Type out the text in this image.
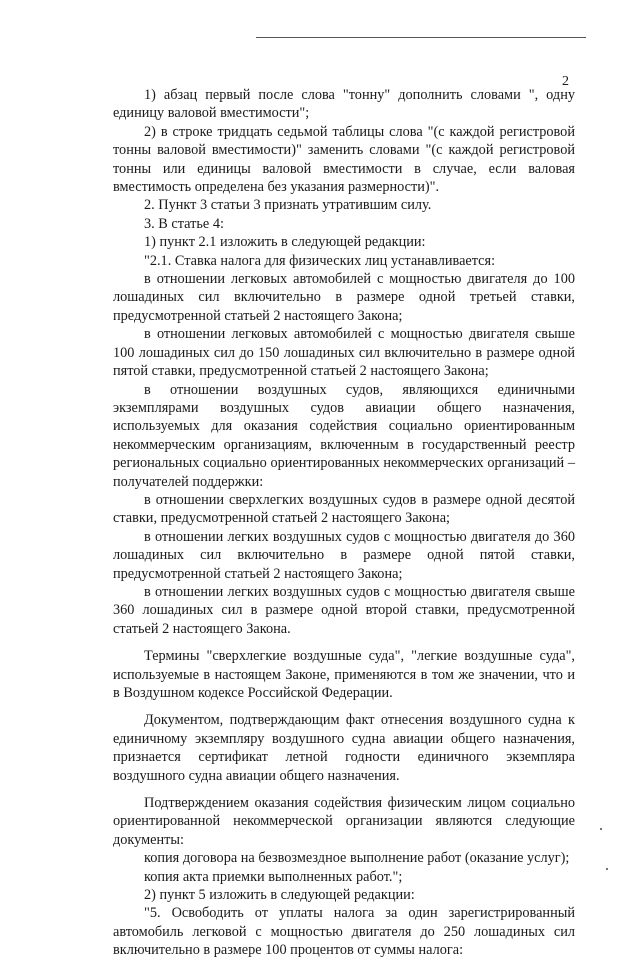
2

1) абзац первый после слова "тонну" дополнить словами ", одну единицу валовой вместимости";

2) в строке тридцать седьмой таблицы слова "(с каждой регистровой тонны валовой вместимости)" заменить словами "(с каждой регистровой тонны или единицы валовой вместимости в случае, если валовая вместимость определена без указания размерности)".

2. Пункт 3 статьи 3 признать утратившим силу.

3. В статье 4:

1) пункт 2.1 изложить в следующей редакции:

"2.1. Ставка налога для физических лиц устанавливается:

в отношении легковых автомобилей с мощностью двигателя до 100 лошадиных сил включительно в размере одной третьей ставки, предусмотренной статьей 2 настоящего Закона;

в отношении легковых автомобилей с мощностью двигателя свыше 100 лошадиных сил до 150 лошадиных сил включительно в размере одной пятой ставки, предусмотренной статьей 2 настоящего Закона;

в отношении воздушных судов, являющихся единичными экземплярами воздушных судов авиации общего назначения, используемых для оказания содействия социально ориентированным некоммерческим организациям, включенным в государственный реестр региональных социально ориентированных некоммерческих организаций – получателей поддержки:

в отношении сверхлегких воздушных судов в размере одной десятой ставки, предусмотренной статьей 2 настоящего Закона;

в отношении легких воздушных судов с мощностью двигателя до 360 лошадиных сил включительно в размере одной пятой ставки, предусмотренной статьей 2 настоящего Закона;

в отношении легких воздушных судов с мощностью двигателя свыше 360 лошадиных сил в размере одной второй ставки, предусмотренной статьей 2 настоящего Закона.

Термины "сверхлегкие воздушные суда", "легкие воздушные суда", используемые в настоящем Законе, применяются в том же значении, что и в Воздушном кодексе Российской Федерации.

Документом, подтверждающим факт отнесения воздушного судна к единичному экземпляру воздушного судна авиации общего назначения, признается сертификат летной годности единичного экземпляра воздушного судна авиации общего назначения.

Подтверждением оказания содействия физическим лицом социально ориентированной некоммерческой организации являются следующие документы:

копия договора на безвозмездное выполнение работ (оказание услуг);

копия акта приемки выполненных работ.";

2) пункт 5 изложить в следующей редакции:

"5. Освободить от уплаты налога за один зарегистрированный автомобиль легковой с мощностью двигателя до 250 лошадиных сил включительно в размере 100 процентов от суммы налога:
